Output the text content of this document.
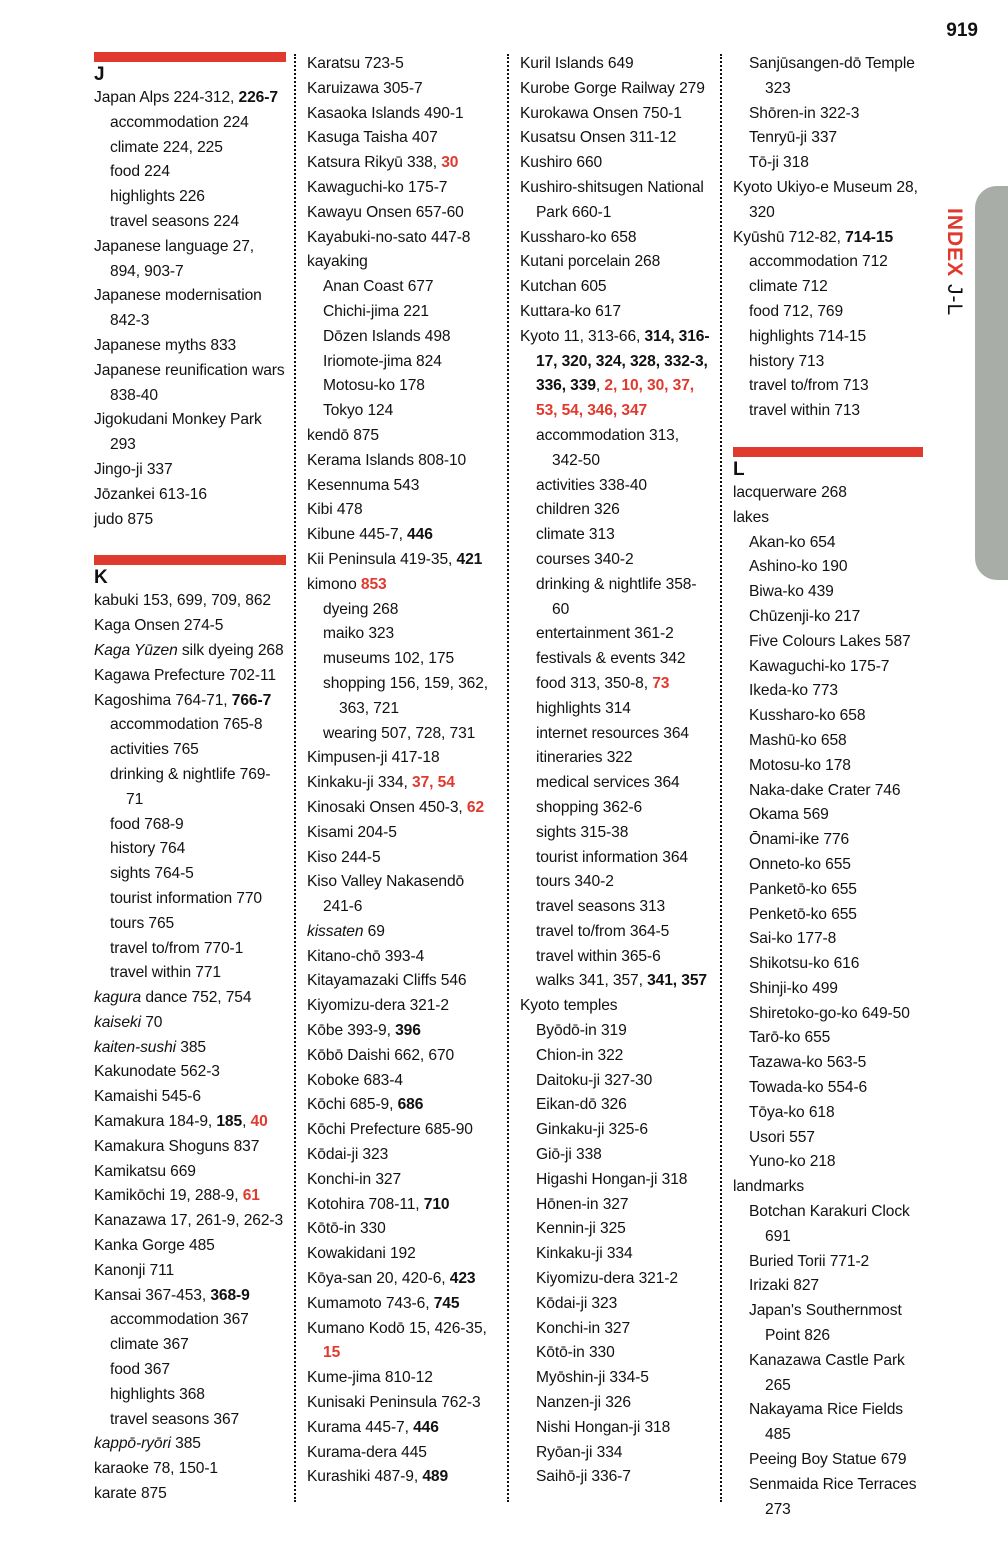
919
INDEX J-L
J
Japan Alps 224-312, 226-7
accommodation 224
climate 224, 225
food 224
highlights 226
travel seasons 224
Japanese language 27, 894, 903-7
Japanese modernisation 842-3
Japanese myths 833
Japanese reunification wars 838-40
Jigokudani Monkey Park 293
Jingo-ji 337
Jōzankei 613-16
judo 875
K
kabuki 153, 699, 709, 862
Kaga Onsen 274-5
Kaga Yūzen silk dyeing 268
Kagawa Prefecture 702-11
Kagoshima 764-71, 766-7
accommodation 765-8
activities 765
drinking & nightlife 769-71
food 768-9
history 764
sights 764-5
tourist information 770
tours 765
travel to/from 770-1
travel within 771
kagura dance 752, 754
kaiseki 70
kaiten-sushi 385
Kakunodate 562-3
Kamaishi 545-6
Kamakura 184-9, 185, 40
Kamakura Shoguns 837
Kamikatsu 669
Kamikōchi 19, 288-9, 61
Kanazawa 17, 261-9, 262-3
Kanka Gorge 485
Kanonji 711
Kansai 367-453, 368-9
accommodation 367
climate 367
food 367
highlights 368
travel seasons 367
kappō-ryōri 385
karaoke 78, 150-1
karate 875
Karatsu 723-5
Karuizawa 305-7
Kasaoka Islands 490-1
Kasuga Taisha 407
Katsura Rikyū 338, 30
Kawaguchi-ko 175-7
Kawayu Onsen 657-60
Kayabuki-no-sato 447-8
kayaking
Anan Coast 677
Chichi-jima 221
Dōzen Islands 498
Iriomote-jima 824
Motosu-ko 178
Tokyo 124
kendō 875
Kerama Islands 808-10
Kesennuma 543
Kibi 478
Kibune 445-7, 446
Kii Peninsula 419-35, 421
kimono 853
dyeing 268
maiko 323
museums 102, 175
shopping 156, 159, 362, 363, 721
wearing 507, 728, 731
Kimpusen-ji 417-18
Kinkaku-ji 334, 37, 54
Kinosaki Onsen 450-3, 62
Kisami 204-5
Kiso 244-5
Kiso Valley Nakasendō 241-6
kissaten 69
Kitano-chō 393-4
Kitayamazaki Cliffs 546
Kiyomizu-dera 321-2
Kōbe 393-9, 396
Kōbō Daishi 662, 670
Koboke 683-4
Kōchi 685-9, 686
Kōchi Prefecture 685-90
Kōdai-ji 323
Konchi-in 327
Kotohira 708-11, 710
Kōtō-in 330
Kowakidani 192
Kōya-san 20, 420-6, 423
Kumamoto 743-6, 745
Kumano Kodō 15, 426-35, 15
Kume-jima 810-12
Kunisaki Peninsula 762-3
Kurama 445-7, 446
Kurama-dera 445
Kurashiki 487-9, 489
Kuril Islands 649
Kurobe Gorge Railway 279
Kurokawa Onsen 750-1
Kusatsu Onsen 311-12
Kushiro 660
Kushiro-shitsugen National Park 660-1
Kussharo-ko 658
Kutani porcelain 268
Kutchan 605
Kuttara-ko 617
Kyoto 11, 313-66, 314, 316-17, 320, 324, 328, 332-3, 336, 339, 2, 10, 30, 37, 53, 54, 346, 347
accommodation 313, 342-50
activities 338-40
children 326
climate 313
courses 340-2
drinking & nightlife 358-60
entertainment 361-2
festivals & events 342
food 313, 350-8, 73
highlights 314
internet resources 364
itineraries 322
medical services 364
shopping 362-6
sights 315-38
tourist information 364
tours 340-2
travel seasons 313
travel to/from 364-5
travel within 365-6
walks 341, 357, 341, 357
Kyoto temples
Byōdō-in 319
Chion-in 322
Daitoku-ji 327-30
Eikan-dō 326
Ginkaku-ji 325-6
Giō-ji 338
Higashi Hongan-ji 318
Hōnen-in 327
Kennin-ji 325
Kinkaku-ji 334
Kiyomizu-dera 321-2
Kōdai-ji 323
Konchi-in 327
Kōtō-in 330
Myōshin-ji 334-5
Nanzen-ji 326
Nishi Hongan-ji 318
Ryōan-ji 334
Saihō-ji 336-7
Sanjūsangen-dō Temple 323
Shōren-in 322-3
Tenryū-ji 337
Tō-ji 318
Kyoto Ukiyo-e Museum 28, 320
Kyūshū 712-82, 714-15
accommodation 712
climate 712
food 712, 769
highlights 714-15
history 713
travel to/from 713
travel within 713
L
lacquerware 268
lakes
Akan-ko 654
Ashino-ko 190
Biwa-ko 439
Chūzenji-ko 217
Five Colours Lakes 587
Kawaguchi-ko 175-7
Ikeda-ko 773
Kussharo-ko 658
Mashū-ko 658
Motosu-ko 178
Naka-dake Crater 746
Okama 569
Ōnami-ike 776
Onneto-ko 655
Panketō-ko 655
Penketō-ko 655
Sai-ko 177-8
Shikotsu-ko 616
Shinji-ko 499
Shiretoko-go-ko 649-50
Tarō-ko 655
Tazawa-ko 563-5
Towada-ko 554-6
Tōya-ko 618
Usori 557
Yuno-ko 218
landmarks
Botchan Karakuri Clock 691
Buried Torii 771-2
Irizaki 827
Japan's Southernmost Point 826
Kanazawa Castle Park 265
Nakayama Rice Fields 485
Peeing Boy Statue 679
Senmaida Rice Terraces 273
